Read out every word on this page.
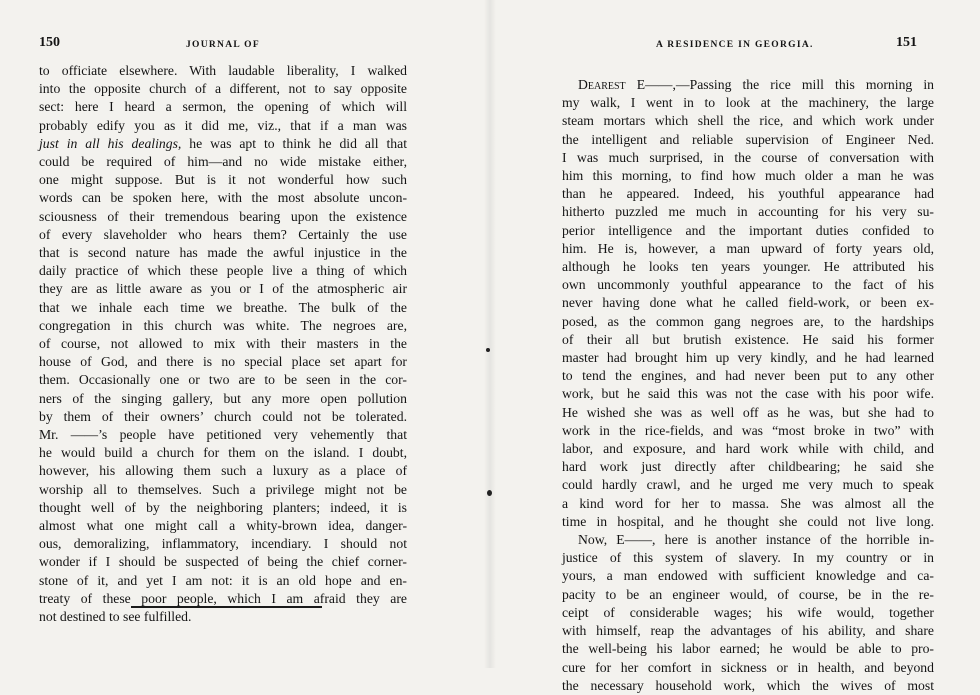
150	JOURNAL OF
to officiate elsewhere. With laudable liberality, I walked
into the opposite church of a different, not to say opposite
sect: here I heard a sermon, the opening of which will
probably edify you as it did me, viz., that if a man was
just in all his dealings, he was apt to think he did all that
could be required of him—and no wide mistake either,
one might suppose. But is it not wonderful how such
words can be spoken here, with the most absolute uncon-
sciousness of their tremendous bearing upon the existence
of every slaveholder who hears them? Certainly the use
that is second nature has made the awful injustice in the
daily practice of which these people live a thing of which
they are as little aware as you or I of the atmospheric air
that we inhale each time we breathe. The bulk of the
congregation in this church was white. The negroes are,
of course, not allowed to mix with their masters in the
house of God, and there is no special place set apart for
them. Occasionally one or two are to be seen in the cor-
ners of the singing gallery, but any more open pollution
by them of their owners’ church could not be tolerated.
Mr. ——’s people have petitioned very vehemently that
he would build a church for them on the island. I doubt,
however, his allowing them such a luxury as a place of
worship all to themselves. Such a privilege might not be
thought well of by the neighboring planters; indeed, it is
almost what one might call a whity-brown idea, danger-
ous, demoralizing, inflammatory, incendiary. I should not
wonder if I should be suspected of being the chief corner-
stone of it, and yet I am not: it is an old hope and en-
treaty of these poor people, which I am afraid they are
not destined to see fulfilled.
A RESIDENCE IN GEORGIA.	151
Dearest E——,—Passing the rice mill this morning in
my walk, I went in to look at the machinery, the large
steam mortars which shell the rice, and which work under
the intelligent and reliable supervision of Engineer Ned.
I was much surprised, in the course of conversation with
him this morning, to find how much older a man he was
than he appeared. Indeed, his youthful appearance had
hitherto puzzled me much in accounting for his very su-
perior intelligence and the important duties confided to
him. He is, however, a man upward of forty years old,
although he looks ten years younger. He attributed his
own uncommonly youthful appearance to the fact of his
never having done what he called field-work, or been ex-
posed, as the common gang negroes are, to the hardships
of their all but brutish existence. He said his former
master had brought him up very kindly, and he had learned
to tend the engines, and had never been put to any other
work, but he said this was not the case with his poor wife.
He wished she was as well off as he was, but she had to
work in the rice-fields, and was “most broke in two” with
labor, and exposure, and hard work while with child, and
hard work just directly after childbearing; he said she
could hardly crawl, and he urged me very much to speak
a kind word for her to massa. She was almost all the
time in hospital, and he thought she could not live long.
Now, E——, here is another instance of the horrible in-
justice of this system of slavery. In my country or in
yours, a man endowed with sufficient knowledge and ca-
pacity to be an engineer would, of course, be in the re-
ceipt of considerable wages; his wife would, together
with himself, reap the advantages of his ability, and share
the well-being his labor earned; he would be able to pro-
cure for her comfort in sickness or in health, and beyond
the necessary household work, which the wives of most
